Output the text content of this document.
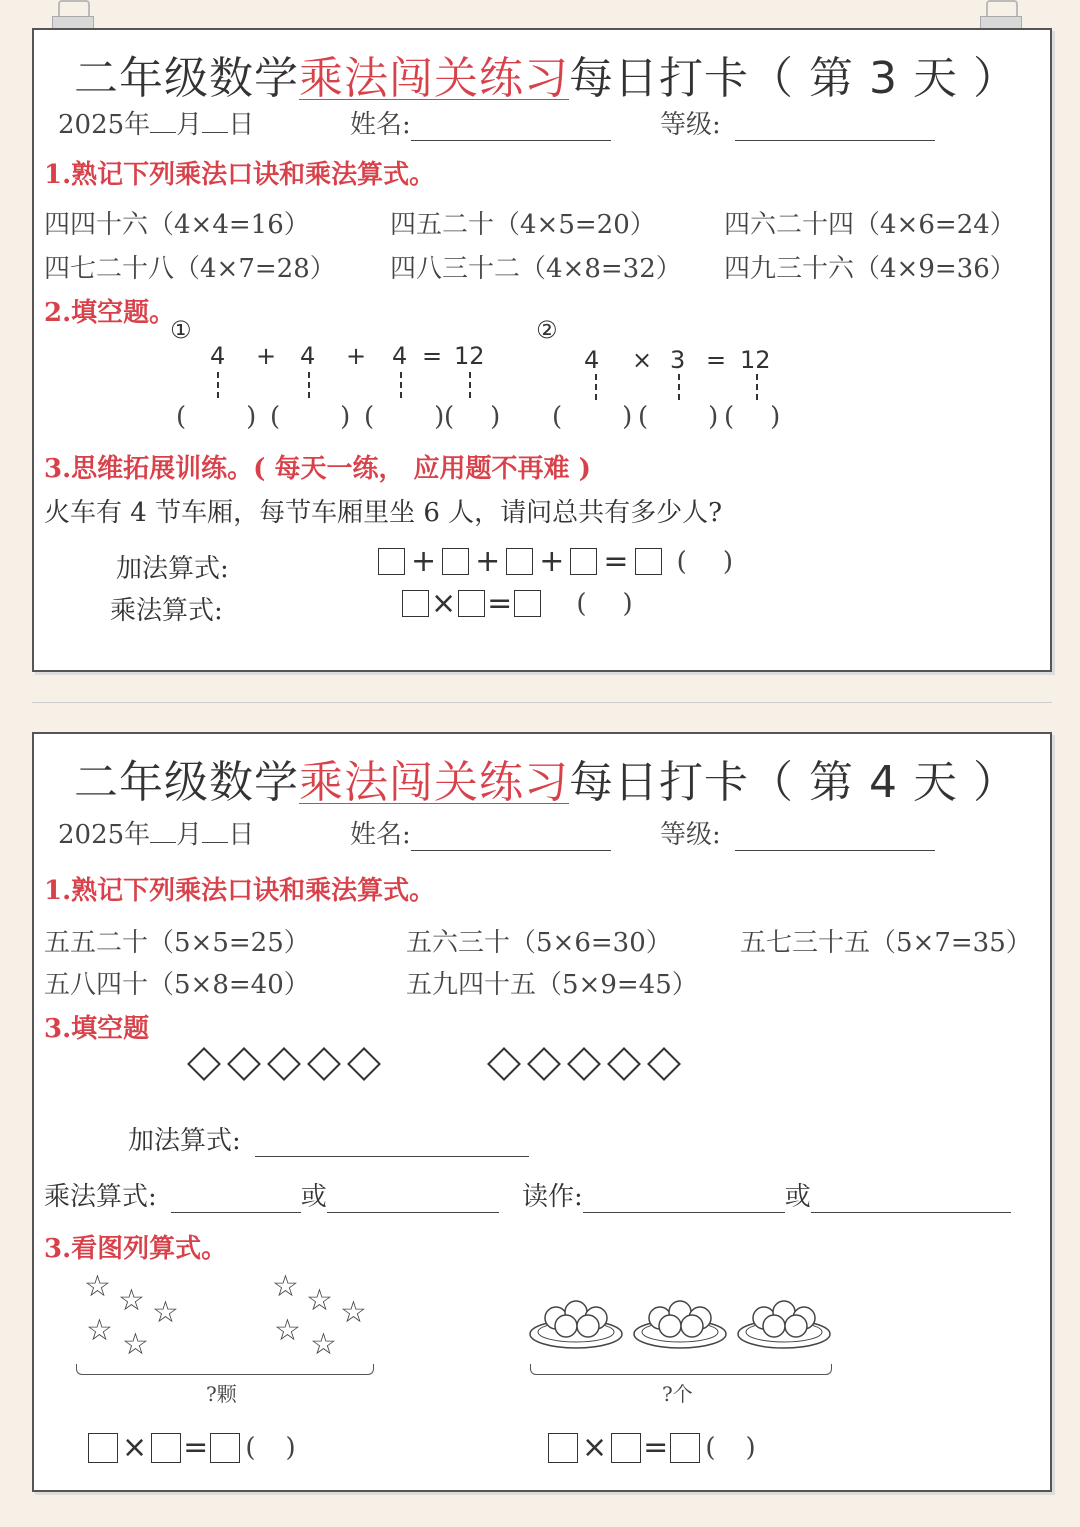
二年级数学乘法闯关练习每日打卡（ 第 3 天 ）
2025年 月 日	姓名:	等级:
1.熟记下列乘法口诀和乘法算式。
四四十六（4×4=16）	四五二十（4×5=20）	四六二十四（4×6=24）
四七二十八（4×7=28） 四八三十二（4×8=32） 四九三十六（4×9=36）
2.填空题。
①
4 + 4 + 4 = 12
②
4 × 3 = 12
( ) ( ) ( ) ( ) ( ) ( ) ( )
3.思维拓展训练。( 每天一练， 应用题不再难 )
火车有 4 节车厢，每节车厢里坐 6 人，请问总共有多少人?
加法算式:	+ + + = ( )
乘法算式:	× = ( )
二年级数学乘法闯关练习每日打卡（ 第 4 天 ）
2025年 月 日	姓名:	等级:
1.熟记下列乘法口诀和乘法算式。
五五二十（5×5=25）	五六三十（5×6=30）	五七三十五（5×7=35）
五八四十（5×8=40）	五九四十五（5×9=45）
3.填空题
加法算式:
乘法算式:	或	读作:	或
3.看图列算式。
☆ ☆ ☆
☆ ☆
☆ ☆ ☆
☆ ☆
?颗	?个
× = ( )	× = ( )
